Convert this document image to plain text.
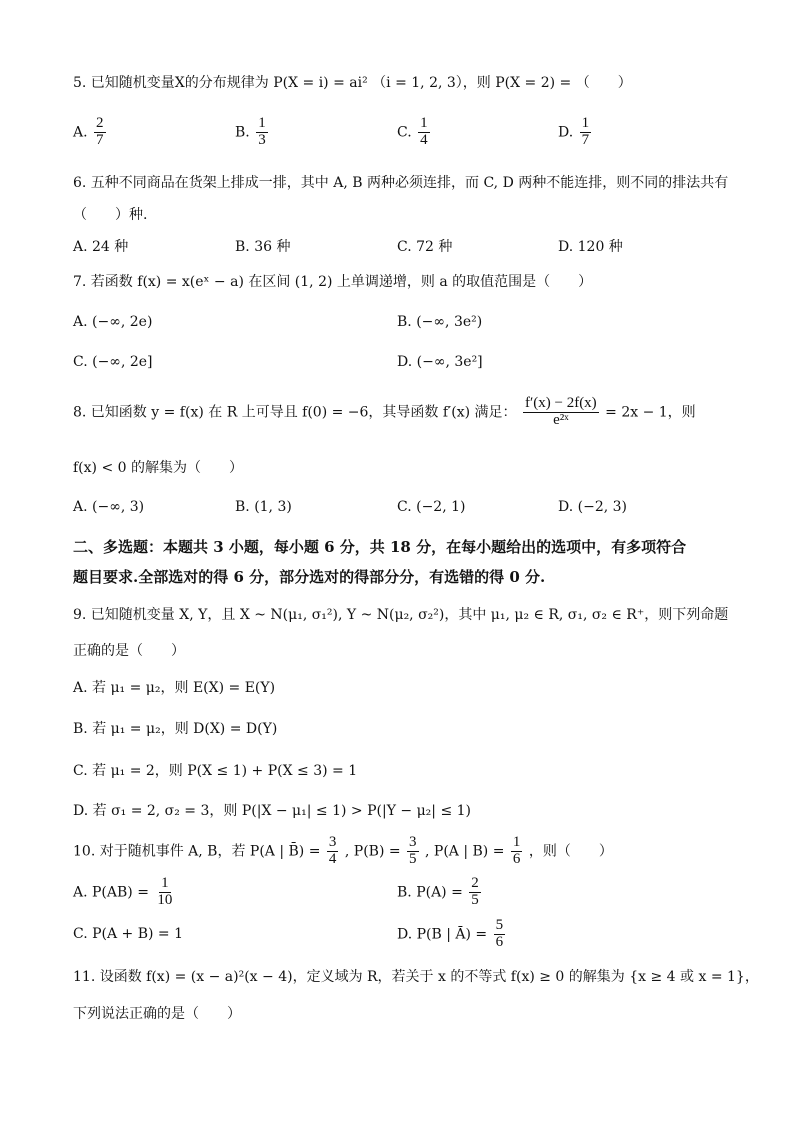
5. 已知随机变量X的分布规律为 P(X = i) = ai² （i = 1, 2, 3），则 P(X = 2) = （　　）
A. $\frac{2}{7}$	B. $\frac{1}{3}$	C. $\frac{1}{4}$	D. $\frac{1}{7}$
6. 五种不同商品在货架上排成一排，其中 A, B 两种必须连排，而 C, D 两种不能连排，则不同的排法共有
（　　）种.
A. 24 种	B. 36 种	C. 72 种	D. 120 种
7. 若函数 f(x) = x(eˣ − a) 在区间 (1, 2) 上单调递增，则 a 的取值范围是（　　）
A. (−∞, 2e)	B. (−∞, 3e²)
C. (−∞, 2e]	D. (−∞, 3e²]
8. 已知函数 y = f(x) 在 R 上可导且 f(0) = −6，其导函数 f′(x) 满足： $\frac{f'(x) - 2f(x)}{\text{e²ˣ}} = 2x - 1$，则
f(x) < 0 的解集为（　　）
A. (−∞, 3)	B. (1, 3)	C. (−2, 1)	D. (−2, 3)
二、多选题：本题共 3 小题，每小题 6 分，共 18 分，在每小题给出的选项中，有多项符合
题目要求.全部选对的得 6 分，部分选对的得部分分，有选错的得 0 分.
9. 已知随机变量 X, Y，且 X ~ N(μ₁, σ₁²), Y ~ N(μ₂, σ₂²)，其中 μ₁, μ₂ ∈ R, σ₁, σ₂ ∈ R⁺，则下列命题
正确的是（　　）
A. 若 μ₁ = μ₂，则 E(X) = E(Y)
B. 若 μ₁ = μ₂，则 D(X) = D(Y)
C. 若 μ₁ = 2，则 P(X ≤ 1) + P(X ≤ 3) = 1
D. 若 σ₁ = 2, σ₂ = 3，则 P(|X − μ₁| ≤ 1) > P(|Y − μ₂| ≤ 1)
10. 对于随机事件 A, B，若 P(A | B̄) = $\frac{3}{4}$ , $P(B) = \frac{3}{5}$ , P(A | $B) = \frac{1}{6}$ ，则（　　）
A. $P(AB) = \frac{1}{10}$	B. $P(A) = \frac{2}{5}$
C. P(A + B) = 1	D. P(B | Ā) = $\frac{5}{6}$
11. 设函数 f(x) = (x − a)²(x − 4)，定义域为 R，若关于 x 的不等式 f(x) ≥ 0 的解集为 {x ≥ 4 或 x = 1}，
下列说法正确的是（　　）
